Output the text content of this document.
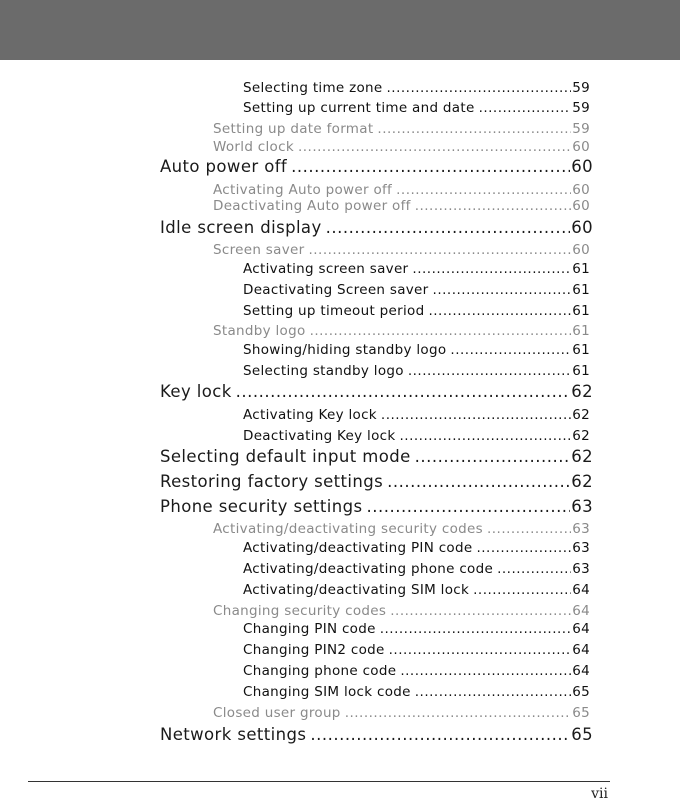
Selecting time zone .....	59
Setting up current time and date .....	59
Setting up date format .....	59
World clock .....	60
Auto power off .....	60
Activating Auto power off .....	60
Deactivating Auto power off .....	60
Idle screen display .....	60
Screen saver .....	60
Activating screen saver .....	61
Deactivating Screen saver .....	61
Setting up timeout period .....	61
Standby logo .....	61
Showing/hiding standby logo .....	61
Selecting standby logo .....	61
Key lock .....	62
Activating Key lock .....	62
Deactivating Key lock .....	62
Selecting default input mode .....	62
Restoring factory settings .....	62
Phone security settings .....	63
Activating/deactivating security codes .....	63
Activating/deactivating PIN code .....	63
Activating/deactivating phone code .....	63
Activating/deactivating SIM lock .....	64
Changing security codes .....	64
Changing PIN code .....	64
Changing PIN2 code .....	64
Changing phone code .....	64
Changing SIM lock code .....	65
Closed user group .....	65
Network settings .....	65
vii
